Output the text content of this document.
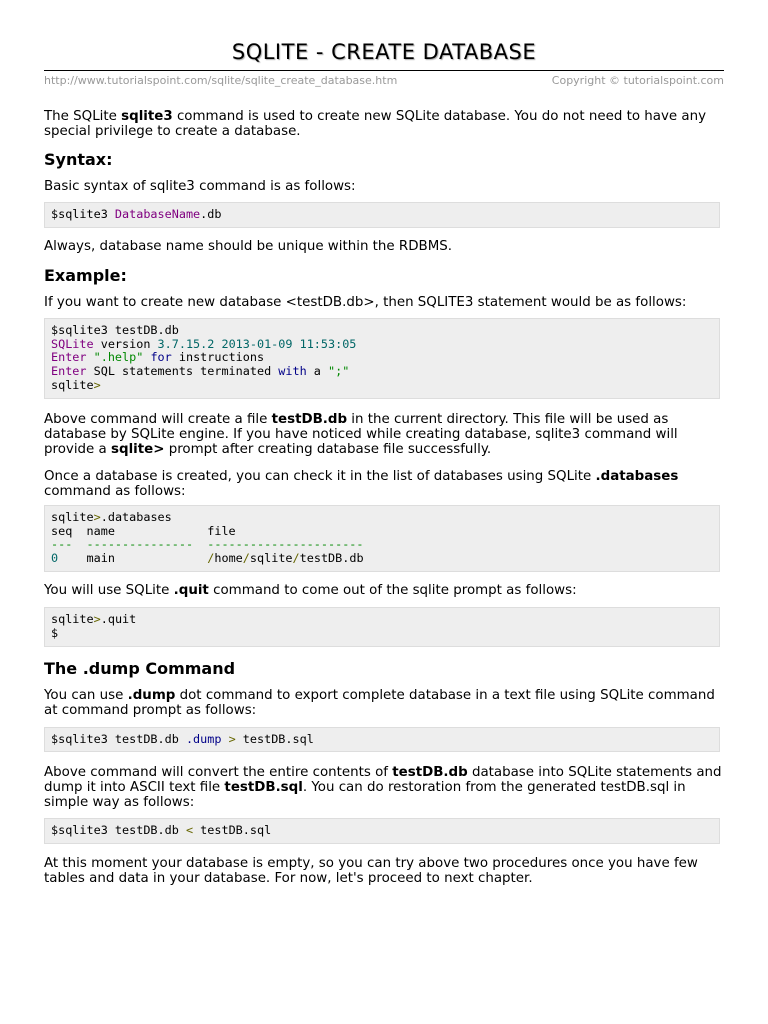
SQLITE - CREATE DATABASE
http://www.tutorialspoint.com/sqlite/sqlite_create_database.htm	Copyright © tutorialspoint.com

The SQLite sqlite3 command is used to create new SQLite database. You do not need to have any special privilege to create a database.

Syntax:

Basic syntax of sqlite3 command is as follows:

$sqlite3 DatabaseName.db

Always, database name should be unique within the RDBMS.

Example:

If you want to create new database <testDB.db>, then SQLITE3 statement would be as follows:

$sqlite3 testDB.db
SQLite version 3.7.15.2 2013-01-09 11:53:05
Enter ".help" for instructions
Enter SQL statements terminated with a ";"
sqlite>

Above command will create a file testDB.db in the current directory. This file will be used as database by SQLite engine. If you have noticed while creating database, sqlite3 command will provide a sqlite> prompt after creating database file successfully.

Once a database is created, you can check it in the list of databases using SQLite .databases command as follows:

sqlite>.databases
seq  name             file
---  ---------------  ----------------------
0    main             /home/sqlite/testDB.db

You will use SQLite .quit command to come out of the sqlite prompt as follows:

sqlite>.quit
$
The .dump Command

You can use .dump dot command to export complete database in a text file using SQLite command at command prompt as follows:

$sqlite3 testDB.db .dump > testDB.sql

Above command will convert the entire contents of testDB.db database into SQLite statements and dump it into ASCII text file testDB.sql. You can do restoration from the generated testDB.sql in simple way as follows:

$sqlite3 testDB.db < testDB.sql

At this moment your database is empty, so you can try above two procedures once you have few tables and data in your database. For now, let's proceed to next chapter.
